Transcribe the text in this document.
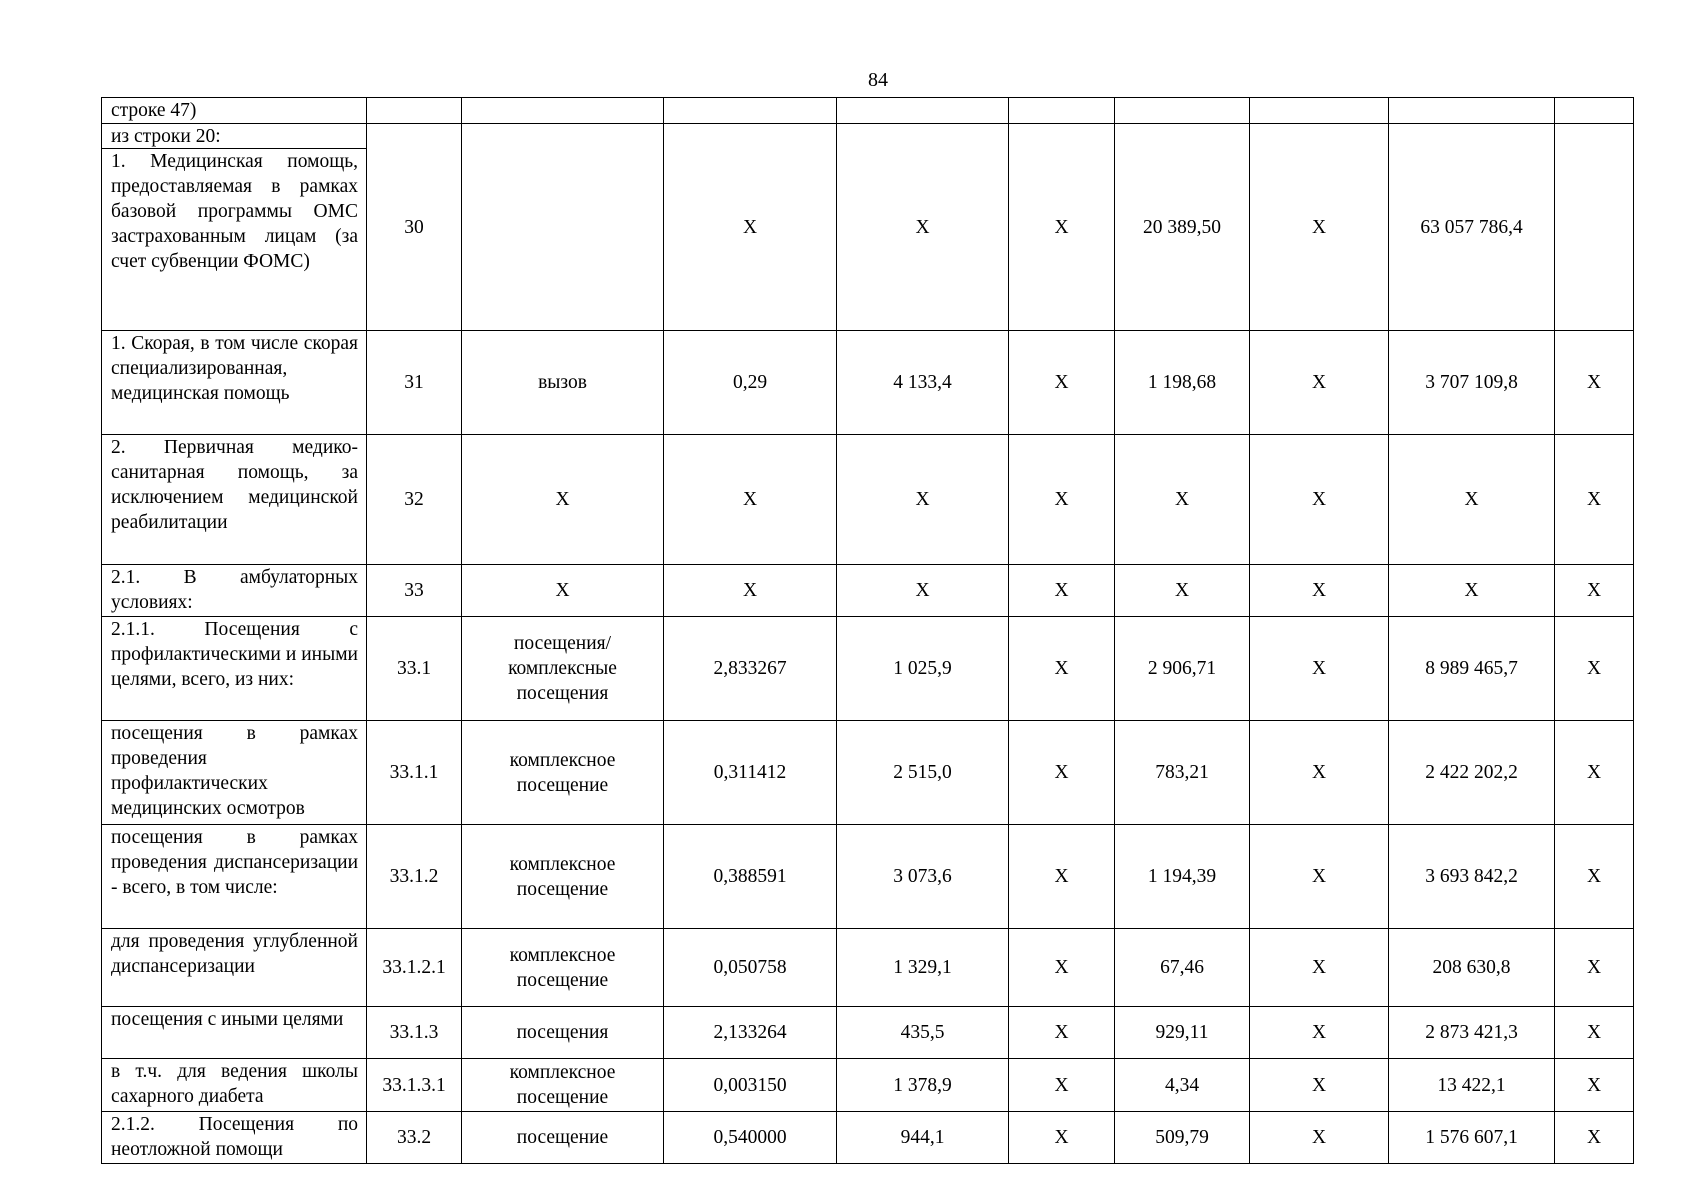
84
строке 47)									

из строки 20:
1. Медицинская помощь, предоставляемая в рамках базовой программы ОМС застрахованным лицам (за счет субвенции ФОМС)	30		Х	Х	Х	20 389,50	Х	63 057 786,4	
1. Скорая, в том числе скорая специализированная, медицинская помощь	31	вызов	0,29	4 133,4	Х	1 198,68	Х	3 707 109,8	Х
2. Первичная медико-санитарная помощь, за исключением медицинской реабилитации	32	Х	Х	Х	Х	Х	Х	Х	Х
2.1. В амбулаторных условиях:	33	Х	Х	Х	Х	Х	Х	Х	Х
2.1.1. Посещения с профилактическими и иными целями, всего, из них:	33.1	посещения/ комплексные посещения	2,833267	1 025,9	Х	2 906,71	Х	8 989 465,7	Х
посещения в рамках проведения профилактических медицинских осмотров	33.1.1	комплексное посещение	0,311412	2 515,0	Х	783,21	Х	2 422 202,2	Х
посещения в рамках проведения диспансеризации - всего, в том числе:	33.1.2	комплексное посещение	0,388591	3 073,6	Х	1 194,39	Х	3 693 842,2	Х
для проведения углубленной диспансеризации	33.1.2.1	комплексное посещение	0,050758	1 329,1	Х	67,46	Х	208 630,8	Х
посещения с иными целями	33.1.3	посещения	2,133264	435,5	Х	929,11	Х	2 873 421,3	Х
в т.ч. для ведения школы сахарного диабета	33.1.3.1	комплексное посещение	0,003150	1 378,9	Х	4,34	Х	13 422,1	Х
2.1.2. Посещения по неотложной помощи	33.2	посещение	0,540000	944,1	Х	509,79	Х	1 576 607,1	Х
